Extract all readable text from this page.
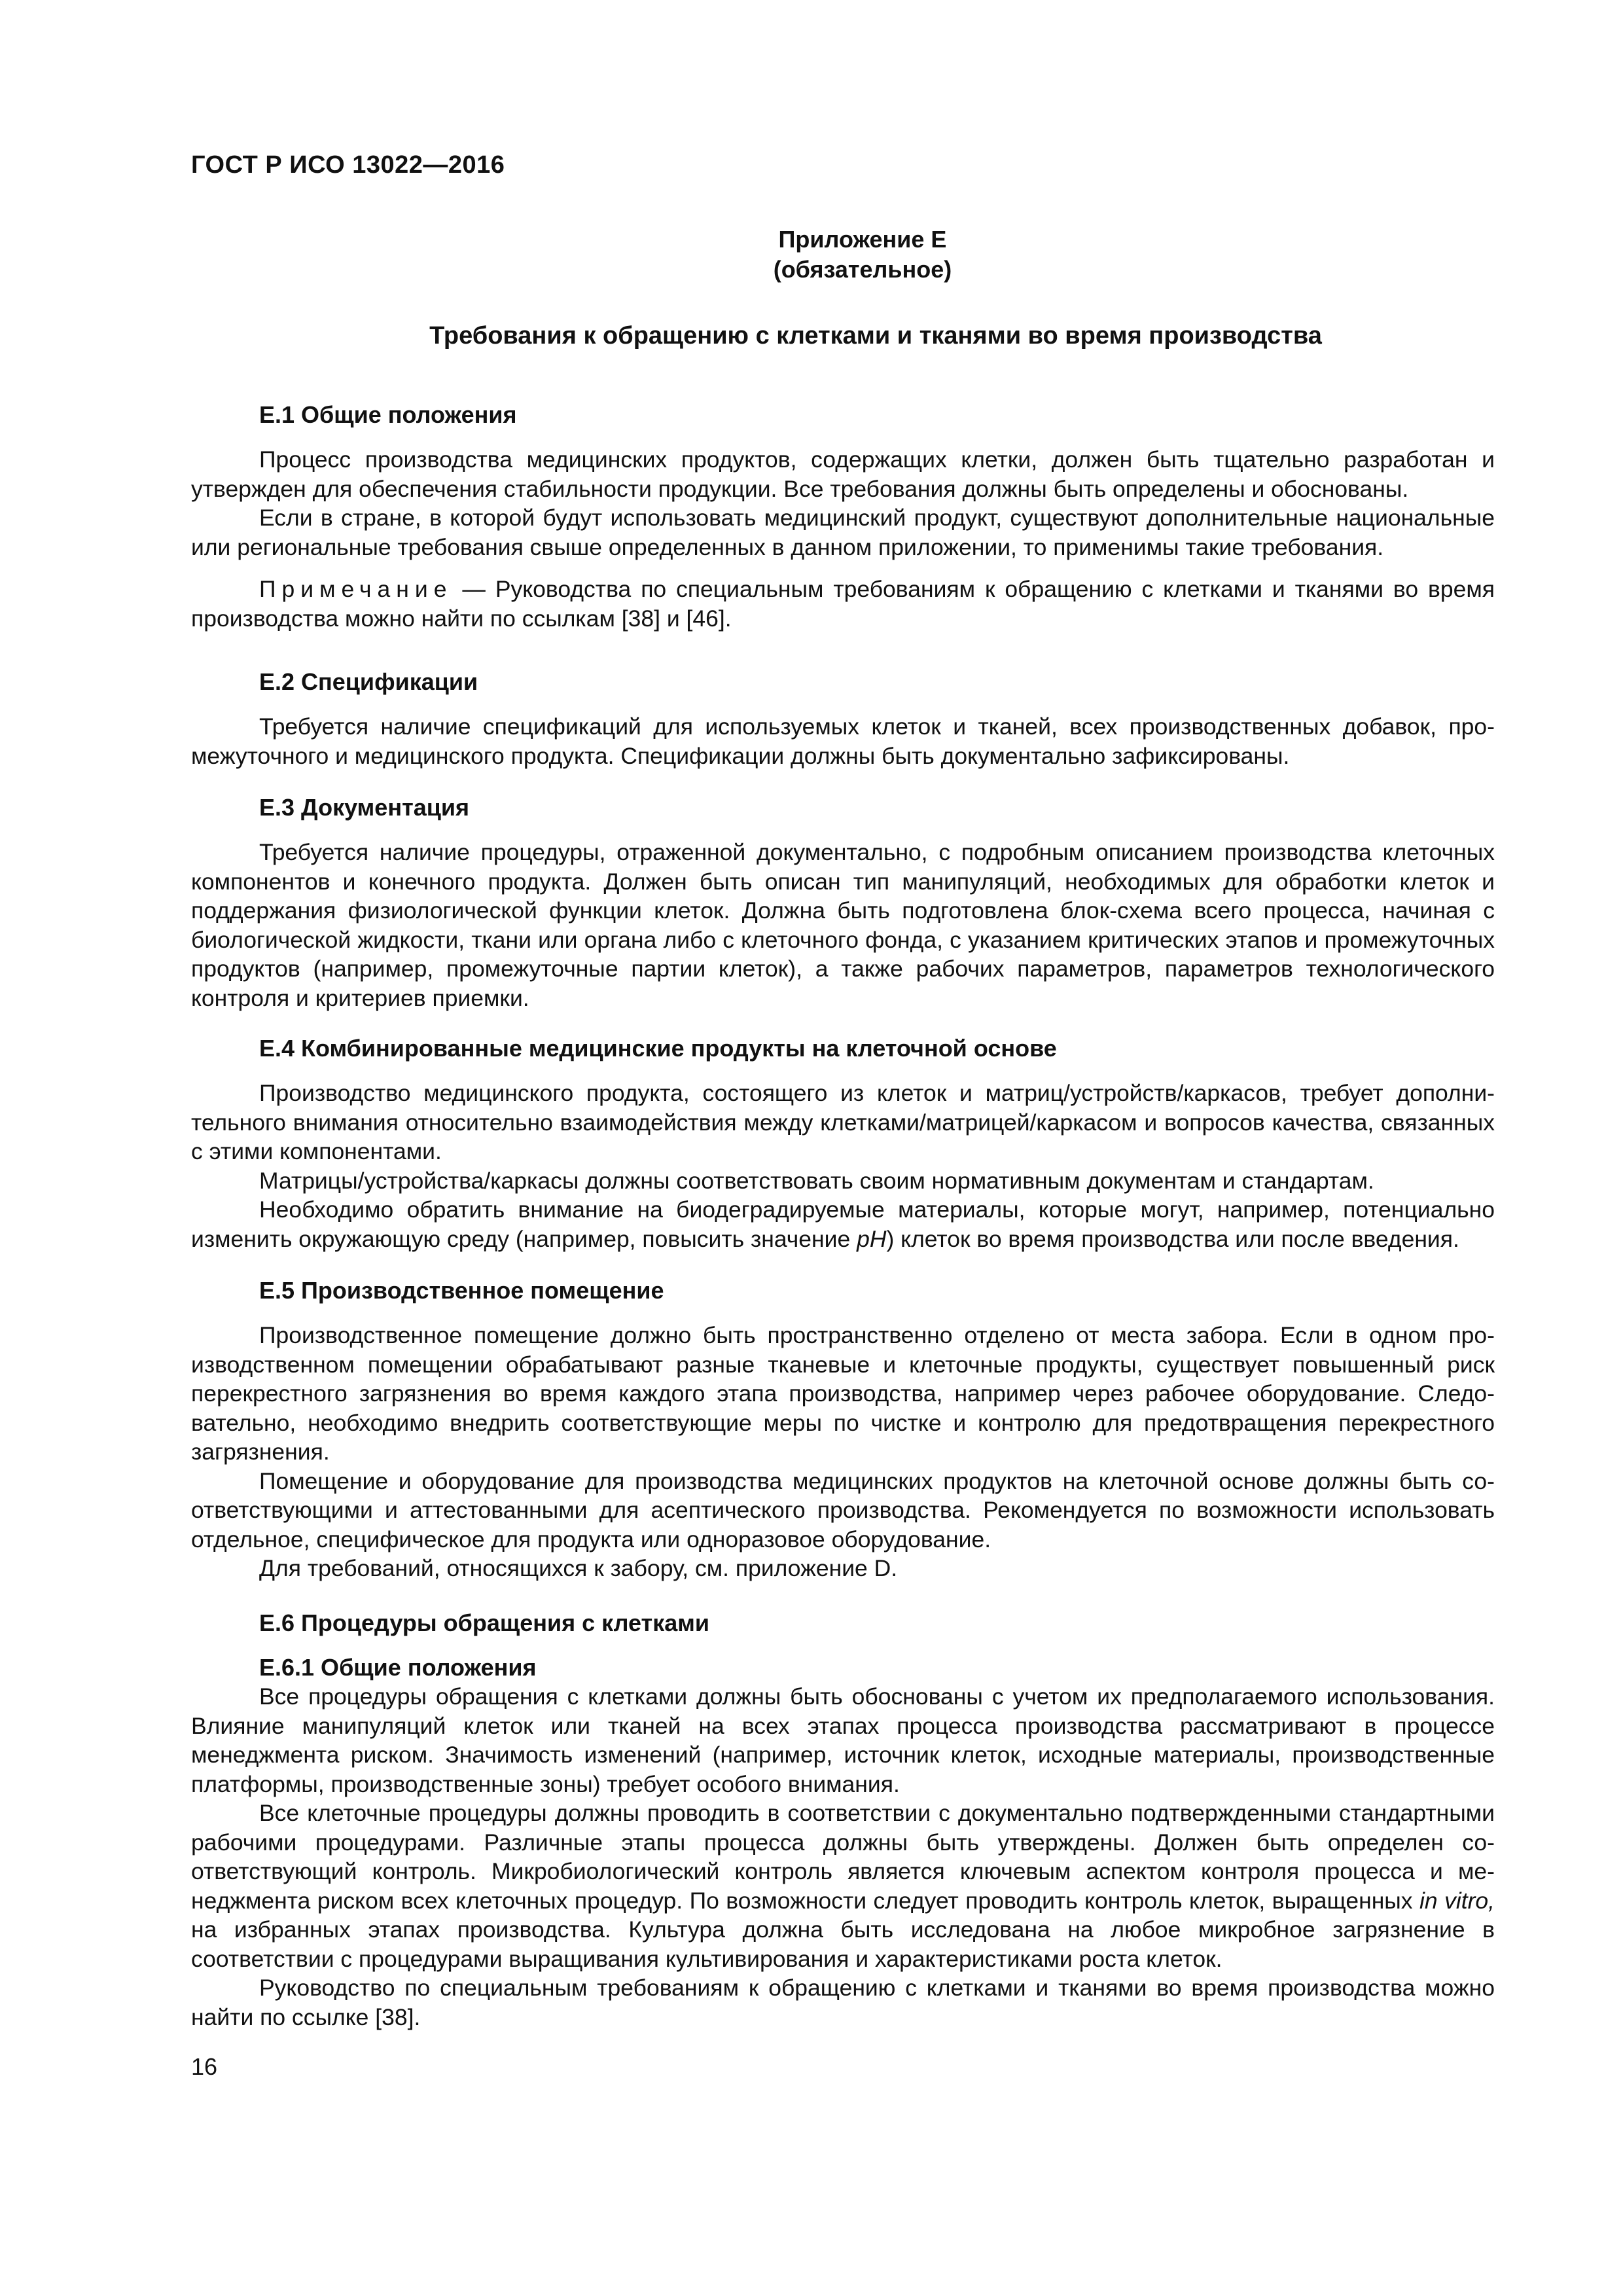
ГОСТ Р ИСО 13022—2016
Приложение Е
(обязательное)
Требования к обращению с клетками и тканями во время производства
Е.1 Общие положения

Процесс производства медицинских продуктов, содержащих клетки, должен быть тщательно разработан и утвержден для обеспечения стабильности продукции. Все требования должны быть определены и обоснованы.

Если в стране, в которой будут использовать медицинский продукт, существуют дополнительные национальные или региональные требования свыше определенных в данном приложении, то применимы такие требования.

Примечание — Руководства по специальным требованиям к обращению с клетками и тканями во время производства можно найти по ссылкам [38] и [46].

Е.2 Спецификации

Требуется наличие спецификаций для используемых клеток и тканей, всех производственных добавок, промежуточного и медицинского продукта. Спецификации должны быть документально зафиксированы.

Е.3 Документация

Требуется наличие процедуры, отраженной документально, с подробным описанием производства клеточных компонентов и конечного продукта. Должен быть описан тип манипуляций, необходимых для обработки клеток и поддержания физиологической функции клеток. Должна быть подготовлена блок-схема всего процесса, начиная с биологической жидкости, ткани или органа либо с клеточного фонда, с указанием критических этапов и промежуточных продуктов (например, промежуточные партии клеток), а также рабочих параметров, параметров технологического контроля и критериев приемки.

Е.4 Комбинированные медицинские продукты на клеточной основе

Производство медицинского продукта, состоящего из клеток и матриц/устройств/каркасов, требует дополнительного внимания относительно взаимодействия между клетками/матрицей/каркасом и вопросов качества, связанных с этими компонентами.

Матрицы/устройства/каркасы должны соответствовать своим нормативным документам и стандартам.

Необходимо обратить внимание на биодеградируемые материалы, которые могут, например, потенциально изменить окружающую среду (например, повысить значение pH) клеток во время производства или после введения.

Е.5 Производственное помещение

Производственное помещение должно быть пространственно отделено от места забора. Если в одном производственном помещении обрабатывают разные тканевые и клеточные продукты, существует повышенный риск перекрестного загрязнения во время каждого этапа производства, например через рабочее оборудование. Следовательно, необходимо внедрить соответствующие меры по чистке и контролю для предотвращения перекрестного загрязнения.

Помещение и оборудование для производства медицинских продуктов на клеточной основе должны быть соответствующими и аттестованными для асептического производства. Рекомендуется по возможности использовать отдельное, специфическое для продукта или одноразовое оборудование.

Для требований, относящихся к забору, см. приложение D.

Е.6 Процедуры обращения с клетками
Е.6.1 Общие положения

Все процедуры обращения с клетками должны быть обоснованы с учетом их предполагаемого использования. Влияние манипуляций клеток или тканей на всех этапах процесса производства рассматривают в процессе менеджмента риском. Значимость изменений (например, источник клеток, исходные материалы, производственные платформы, производственные зоны) требует особого внимания.

Все клеточные процедуры должны проводить в соответствии с документально подтвержденными стандартными рабочими процедурами. Различные этапы процесса должны быть утверждены. Должен быть определен соответствующий контроль. Микробиологический контроль является ключевым аспектом контроля процесса и менеджмента риском всех клеточных процедур. По возможности следует проводить контроль клеток, выращенных in vitro, на избранных этапах производства. Культура должна быть исследована на любое микробное загрязнение в соответствии с процедурами выращивания культивирования и характеристиками роста клеток.

Руководство по специальным требованиям к обращению с клетками и тканями во время производства можно найти по ссылке [38].

16
